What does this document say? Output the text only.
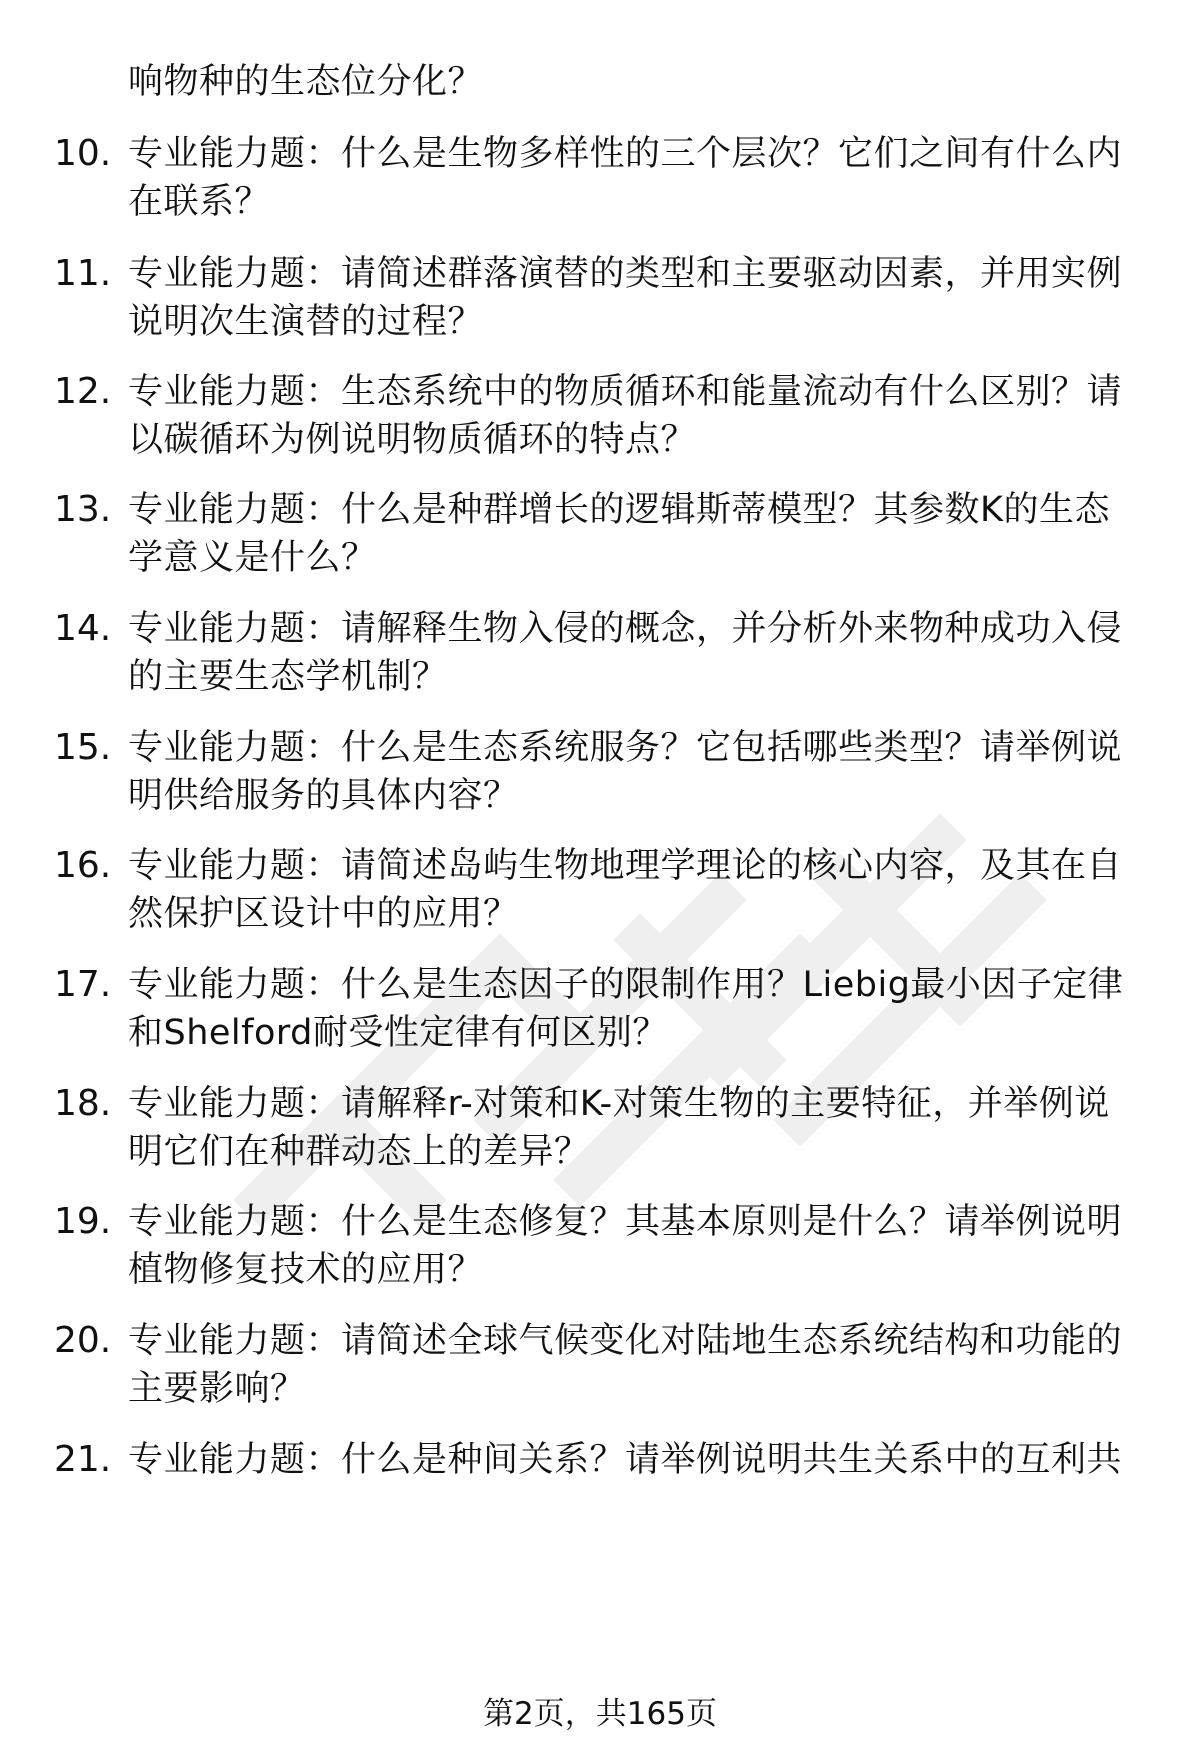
响物种的生态位分化？
10. 专业能力题：什么是生物多样性的三个层次？它们之间有什么内在联系？
11. 专业能力题：请简述群落演替的类型和主要驱动因素，并用实例说明次生演替的过程？
12. 专业能力题：生态系统中的物质循环和能量流动有什么区别？请以碳循环为例说明物质循环的特点？
13. 专业能力题：什么是种群增长的逻辑斯蒂模型？其参数K的生态学意义是什么？
14. 专业能力题：请解释生物入侵的概念，并分析外来物种成功入侵的主要生态学机制？
15. 专业能力题：什么是生态系统服务？它包括哪些类型？请举例说明供给服务的具体内容？
16. 专业能力题：请简述岛屿生物地理学理论的核心内容，及其在自然保护区设计中的应用？
17. 专业能力题：什么是生态因子的限制作用？Liebig最小因子定律和Shelford耐受性定律有何区别？
18. 专业能力题：请解释r-对策和K-对策生物的主要特征，并举例说明它们在种群动态上的差异？
19. 专业能力题：什么是生态修复？其基本原则是什么？请举例说明植物修复技术的应用？
20. 专业能力题：请简述全球气候变化对陆地生态系统结构和功能的主要影响？
21. 专业能力题：什么是种间关系？请举例说明共生关系中的互利共
第2页，共165页
